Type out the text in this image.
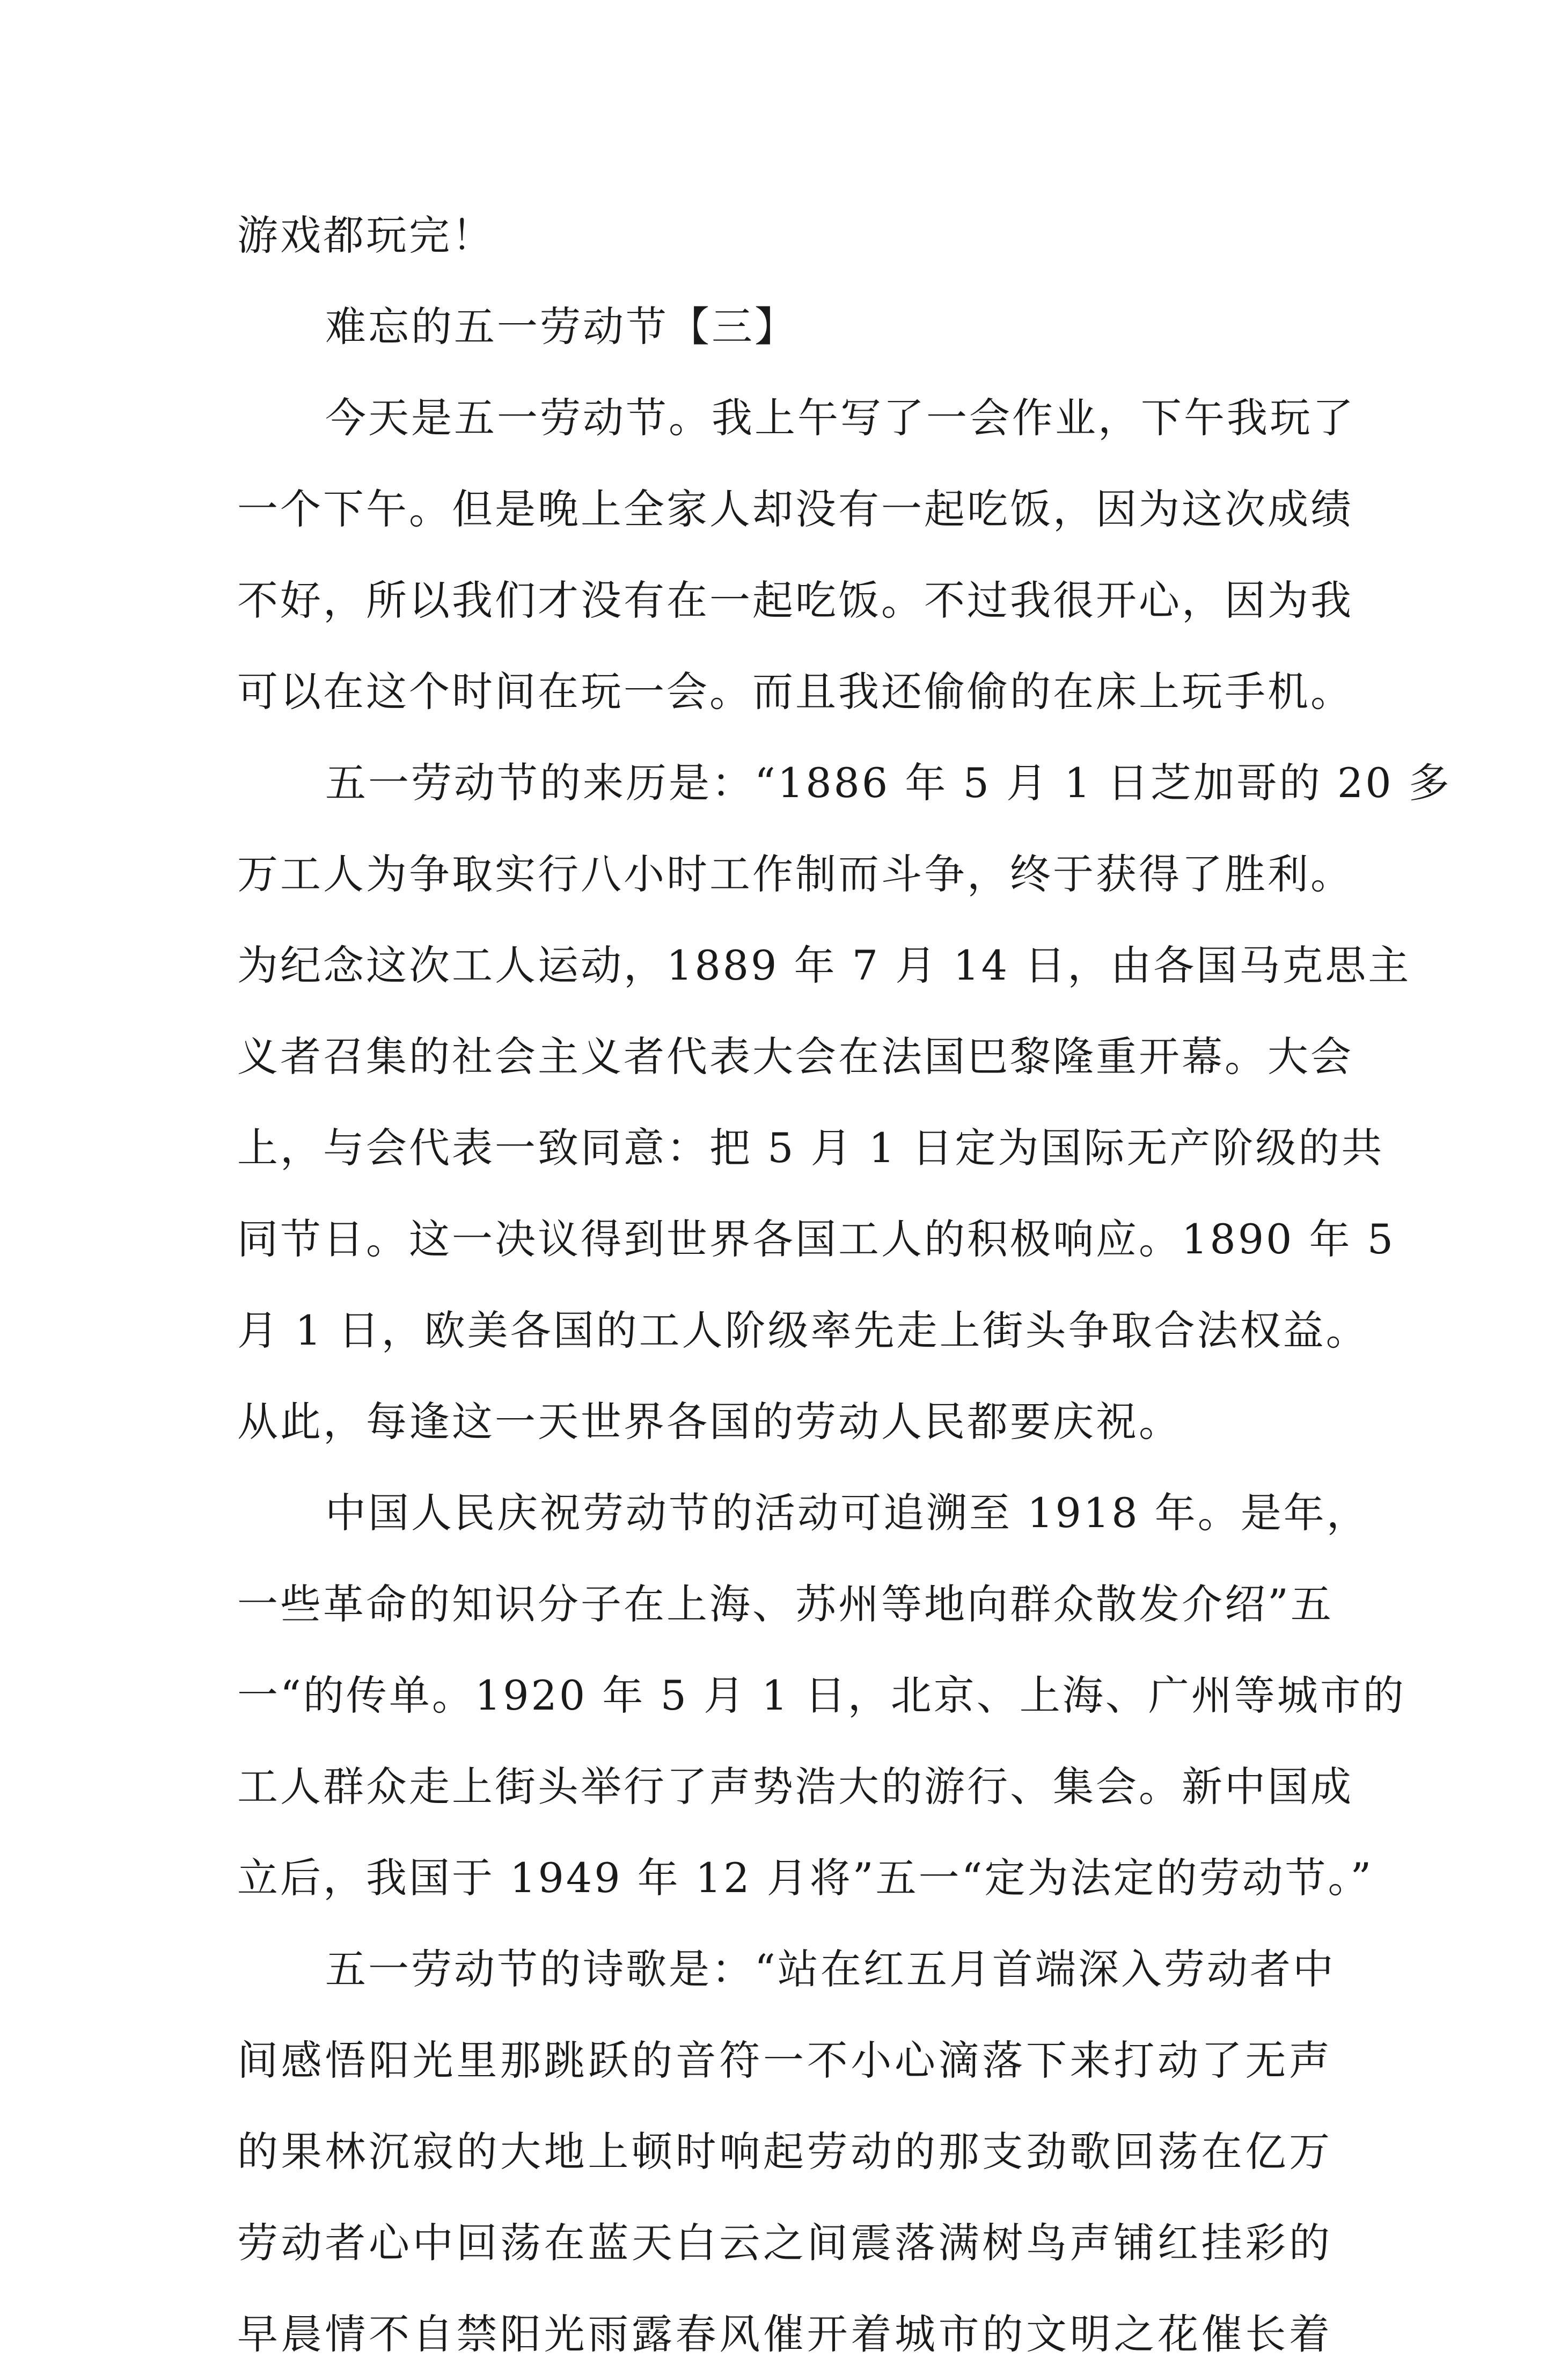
游戏都玩完！
难忘的五一劳动节【三】
今天是五一劳动节。我上午写了一会作业，下午我玩了
一个下午。但是晚上全家人却没有一起吃饭，因为这次成绩
不好，所以我们才没有在一起吃饭。不过我很开心，因为我
可以在这个时间在玩一会。而且我还偷偷的在床上玩手机。
五一劳动节的来历是：“1886 年 5 月 1 日芝加哥的 20 多
万工人为争取实行八小时工作制而斗争，终于获得了胜利。
为纪念这次工人运动，1889 年 7 月 14 日，由各国马克思主
义者召集的社会主义者代表大会在法国巴黎隆重开幕。大会
上，与会代表一致同意：把 5 月 1 日定为国际无产阶级的共
同节日。这一决议得到世界各国工人的积极响应。1890 年 5
月 1 日，欧美各国的工人阶级率先走上街头争取合法权益。
从此，每逢这一天世界各国的劳动人民都要庆祝。
中国人民庆祝劳动节的活动可追溯至 1918 年。是年，
一些革命的知识分子在上海、苏州等地向群众散发介绍”五
一“的传单。1920 年 5 月 1 日，北京、上海、广州等城市的
工人群众走上街头举行了声势浩大的游行、集会。新中国成
立后，我国于 1949 年 12 月将”五一“定为法定的劳动节。”
五一劳动节的诗歌是：“站在红五月首端深入劳动者中
间感悟阳光里那跳跃的音符一不小心滴落下来打动了无声
的果林沉寂的大地上顿时响起劳动的那支劲歌回荡在亿万
劳动者心中回荡在蓝天白云之间震落满树鸟声铺红挂彩的
早晨情不自禁阳光雨露春风催开着城市的文明之花催长着
